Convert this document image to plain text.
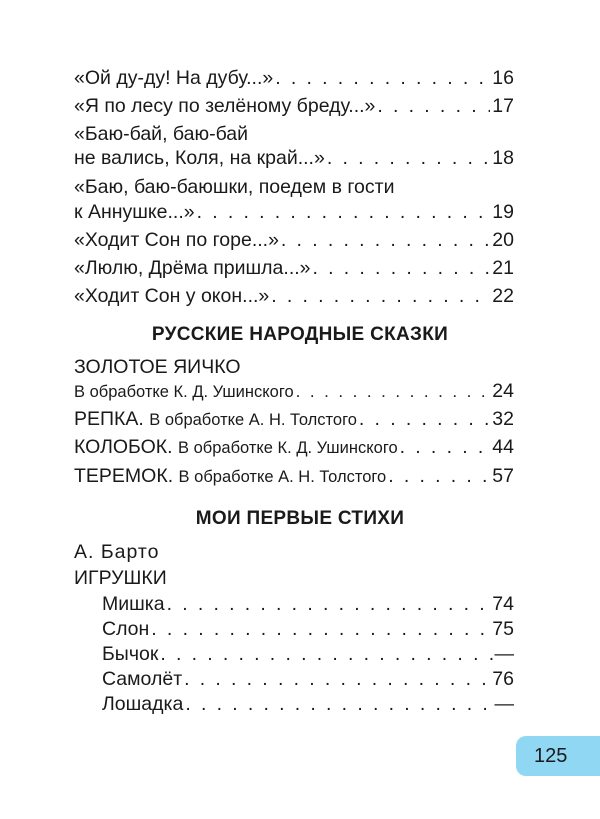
«Ой ду-ду! На дубу...» . . .	16
«Я по лесу по зелёному бреду...» . . .	17
«Баю-бай, баю-бай
не вались, Коля, на край...» . . .	18
«Баю, баю-баюшки, поедем в гости
к Аннушке...» . . .	19
«Ходит Сон по горе...» . . .	20
«Люлю, Дрёма пришла...» . . .	21
«Ходит Сон у окон...» . . .	22
РУССКИЕ НАРОДНЫЕ СКАЗКИ
ЗОЛОТОЕ ЯИЧКО
В обработке К. Д. Ушинского . . .	24
РЕПКА. В обработке А. Н. Толстого . . .	32
КОЛОБОК. В обработке К. Д. Ушинского . . .	44
ТЕРЕМОК. В обработке А. Н. Толстого . . .	57
МОИ ПЕРВЫЕ СТИХИ
А. Барто
ИГРУШКИ
Мишка . . .	74
Слон . . .	75
Бычок . . .	—
Самолёт . . .	76
Лошадка . . .	—
125
